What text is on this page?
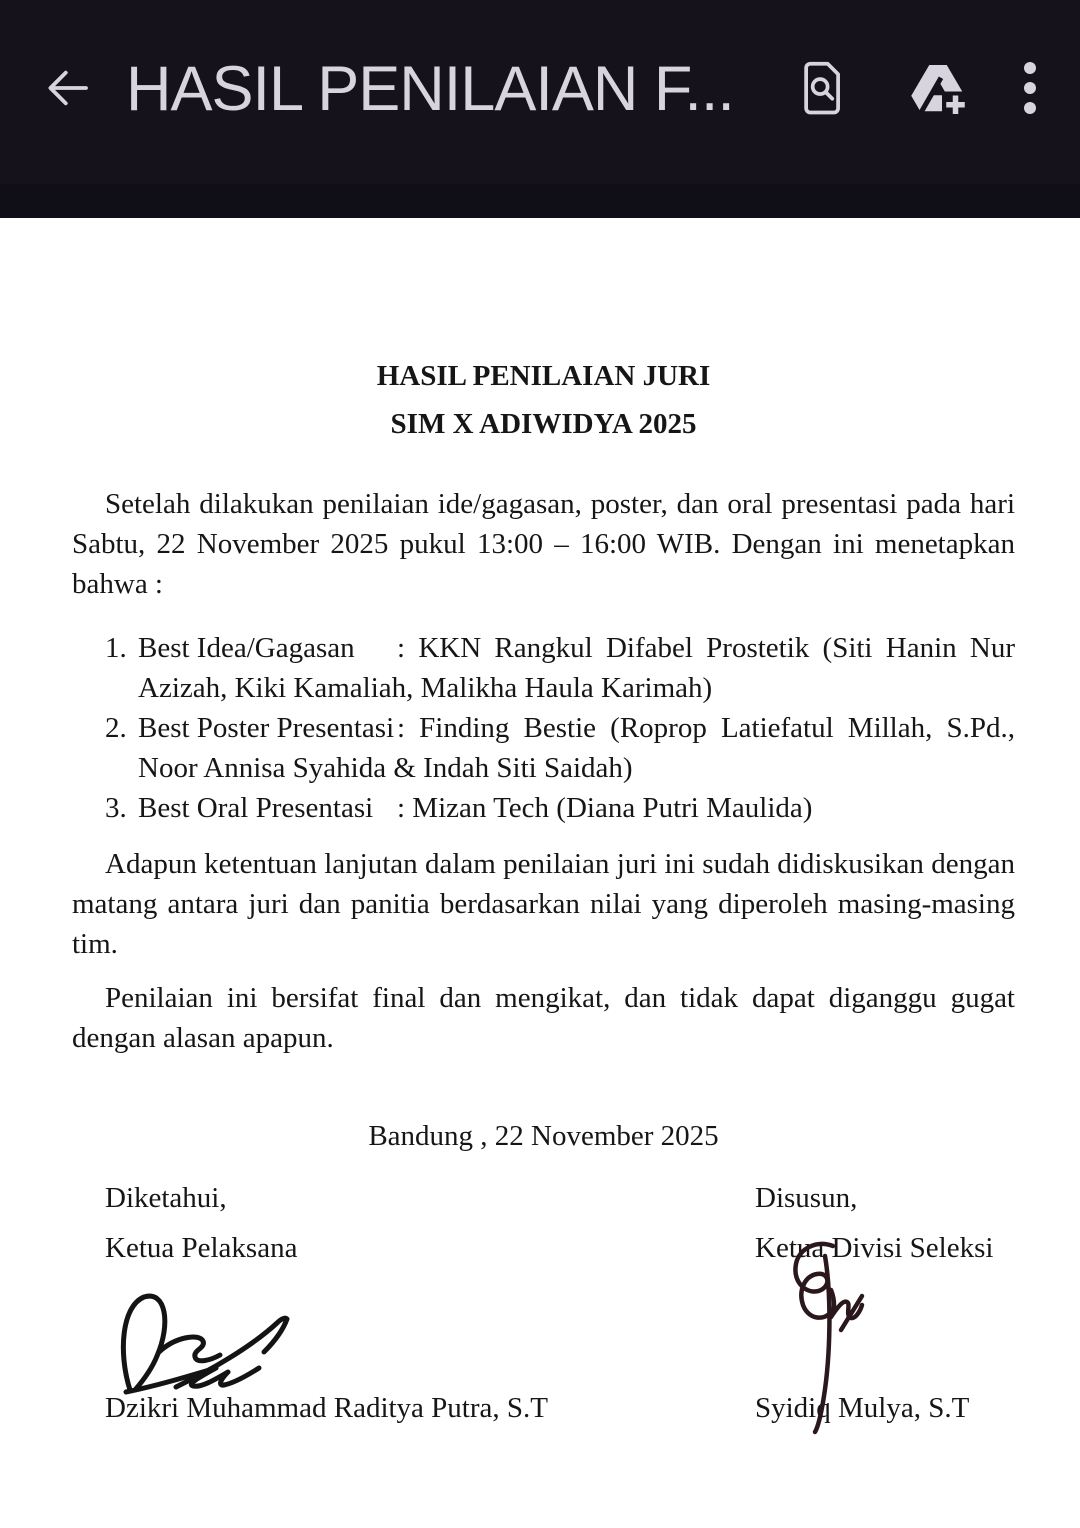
HASIL PENILAIAN F...
HASIL PENILAIAN JURI
SIM X ADIWIDYA 2025

Setelah dilakukan penilaian ide/gagasan, poster, dan oral presentasi pada hari Sabtu, 22 November 2025 pukul 13:00 – 16:00 WIB. Dengan ini menetapkan bahwa :

1. Best Idea/Gagasan : KKN Rangkul Difabel Prostetik (Siti Hanin Nur Azizah, Kiki Kamaliah, Malikha Haula Karimah)
2. Best Poster Presentasi: Finding Bestie (Roprop Latiefatul Millah, S.Pd., Noor Annisa Syahida & Indah Siti Saidah)
3. Best Oral Presentasi : Mizan Tech (Diana Putri Maulida)

Adapun ketentuan lanjutan dalam penilaian juri ini sudah didiskusikan dengan matang antara juri dan panitia berdasarkan nilai yang diperoleh masing-masing tim.

Penilaian ini bersifat final dan mengikat, dan tidak dapat diganggu gugat dengan alasan apapun.

Bandung , 22 November 2025
Diketahui,	Disusun,
Ketua Pelaksana	Ketua Divisi Seleksi
Dzikri Muhammad Raditya Putra, S.T	Syidiq Mulya, S.T
